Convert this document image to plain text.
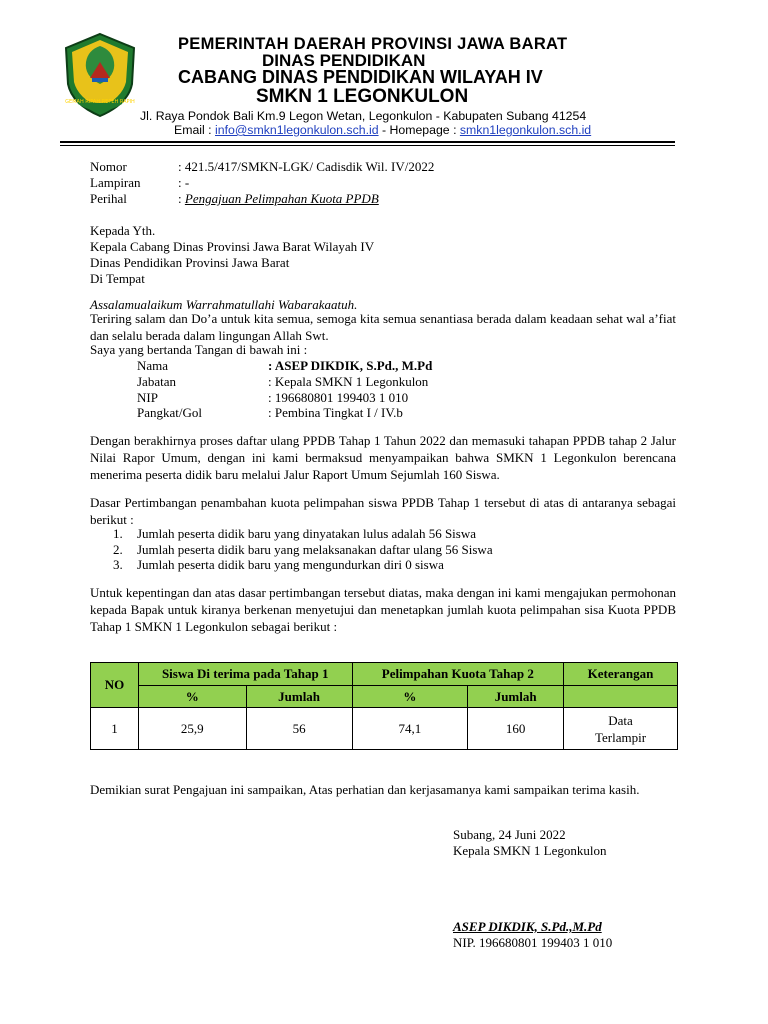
GEMAH RIPAH REPEH RAPIH
PEMERINTAH DAERAH PROVINSI JAWA BARAT
DINAS PENDIDIKAN
CABANG DINAS PENDIDIKAN WILAYAH IV
SMKN 1 LEGONKULON
Jl. Raya Pondok Bali Km.9 Legon Wetan, Legonkulon - Kabupaten Subang 41254
Email : info@smkn1legonkulon.sch.id - Homepage : smkn1legonkulon.sch.id
Nomor	: 421.5/417/SMKN-LGK/ Cadisdik Wil. IV/2022
Lampiran	: -
Perihal	: Pengajuan Pelimpahan Kuota PPDB
Kepada Yth.
Kepala Cabang Dinas Provinsi Jawa Barat Wilayah IV
Dinas Pendidikan Provinsi Jawa Barat
Di Tempat
Assalamualaikum Warrahmatullahi Wabarakaatuh.
Teriring salam dan Do’a untuk kita semua, semoga kita semua senantiasa berada dalam keadaan sehat wal a’fiat dan selalu berada dalam lingungan Allah Swt.
Saya yang bertanda Tangan di bawah ini :
Nama	: ASEP DIKDIK, S.Pd., M.Pd
Jabatan	: Kepala SMKN 1 Legonkulon
NIP	: 196680801 199403 1 010
Pangkat/Gol	: Pembina Tingkat I / IV.b
Dengan berakhirnya proses daftar ulang PPDB Tahap 1 Tahun 2022 dan memasuki tahapan PPDB tahap 2 Jalur Nilai Rapor Umum, dengan ini kami bermaksud menyampaikan bahwa SMKN 1 Legonkulon berencana menerima peserta didik baru melalui Jalur Raport Umum Sejumlah 160 Siswa.
Dasar Pertimbangan penambahan kuota pelimpahan siswa PPDB Tahap 1 tersebut di atas di antaranya sebagai berikut :
1. Jumlah peserta didik baru yang dinyatakan lulus adalah 56 Siswa
2. Jumlah peserta didik baru yang melaksanakan daftar ulang 56 Siswa
3. Jumlah peserta didik baru yang mengundurkan diri 0 siswa
Untuk kepentingan dan atas dasar pertimbangan tersebut diatas, maka dengan ini kami mengajukan permohonan kepada Bapak untuk kiranya berkenan menyetujui dan menetapkan jumlah kuota pelimpahan sisa Kuota PPDB Tahap 1 SMKN 1 Legonkulon sebagai berikut :
NO	Siswa Di terima pada Tahap 1		Pelimpahan Kuota Tahap 2		Keterangan
	%	Jumlah	%	Jumlah	
1	25,9	56	74,1	160	Data
Terlampir
Demikian surat Pengajuan ini sampaikan, Atas perhatian dan kerjasamanya kami sampaikan terima kasih.
Subang, 24 Juni 2022
Kepala SMKN 1 Legonkulon
ASEP DIKDIK, S.Pd.,M.Pd
NIP. 196680801 199403 1 010
